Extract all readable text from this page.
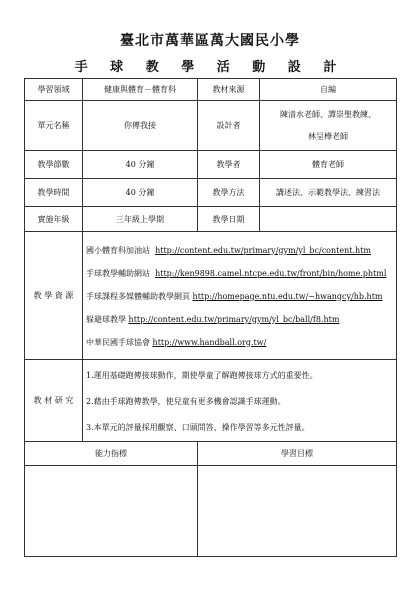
臺北市萬華區萬大國民小學
手 球 教 學 活 動 設 計
學習領域	健康與體育－體育科	教材來源	自編
單元名稱	你傳我接	設計者	陳清水老師、譚崇聖教練、
林呈樺老師

教學節數	40 分鐘	教學者	體育老師
教學時間	40 分鐘	教學方法	講述法、示範教學法、練習法
實施年級	三年級上學期	教學日期	
教 學 資 源	國小體育科加油站 http://content.edu.tw/primary/gym/yl_bc/content.htm
手球教學輔助網站 http://ken9898.camel.ntcpe.edu.tw/front/bin/home.phtml
手球課程多媒體輔助教學網頁 http://homepage.ntu.edu.tw/~hwangcy/hb.htm
躲避球教學 http://content.edu.tw/primary/gym/yl_bc/ball/f8.htm
中華民國手球協會 http://www.handball.org.tw/		

教 材 研 究	1.運用基礎跑傳接球動作，期使學童了解跑傳接球方式的重要性。
2.藉由手球跑傳教學，使兒童有更多機會認識手球運動。
3.本單元的評量採用觀察、口頭問答、操作學習等多元性評量。		

能力指標		學習目標	
